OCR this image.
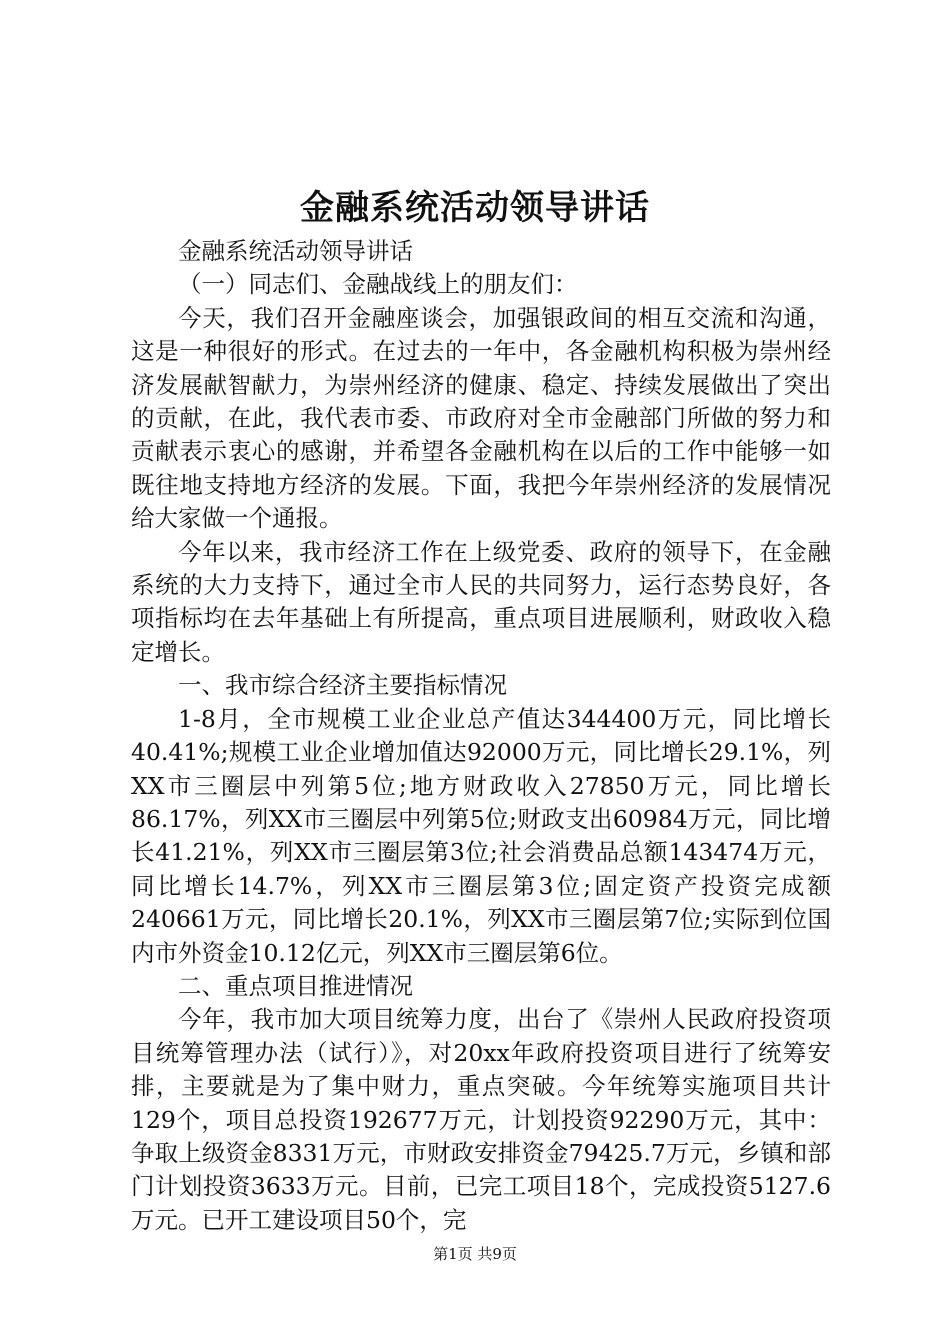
金融系统活动领导讲话

金融系统活动领导讲话

（一）同志们、金融战线上的朋友们：

今天，我们召开金融座谈会，加强银政间的相互交流和沟通，这是一种很好的形式。在过去的一年中，各金融机构积极为崇州经济发展献智献力，为崇州经济的健康、稳定、持续发展做出了突出的贡献，在此，我代表市委、市政府对全市金融部门所做的努力和贡献表示衷心的感谢，并希望各金融机构在以后的工作中能够一如既往地支持地方经济的发展。下面，我把今年崇州经济的发展情况给大家做一个通报。

今年以来，我市经济工作在上级党委、政府的领导下，在金融系统的大力支持下，通过全市人民的共同努力，运行态势良好，各项指标均在去年基础上有所提高，重点项目进展顺利，财政收入稳定增长。

一、我市综合经济主要指标情况

1-8月，全市规模工业企业总产值达344400万元，同比增长40.41%;规模工业企业增加值达92000万元，同比增长29.1%，列XX市三圈层中列第5位;地方财政收入27850万元，同比增长86.17%，列XX市三圈层中列第5位;财政支出60984万元，同比增长41.21%，列XX市三圈层第3位;社会消费品总额143474万元，同比增长14.7%，列XX市三圈层第3位;固定资产投资完成额240661万元，同比增长20.1%，列XX市三圈层第7位;实际到位国内市外资金10.12亿元，列XX市三圈层第6位。

二、重点项目推进情况

今年，我市加大项目统筹力度，出台了《崇州人民政府投资项目统筹管理办法（试行）》，对20xx年政府投资项目进行了统筹安排，主要就是为了集中财力，重点突破。今年统筹实施项目共计129个，项目总投资192677万元，计划投资92290万元，其中：争取上级资金8331万元，市财政安排资金79425.7万元，乡镇和部门计划投资3633万元。目前，已完工项目18个，完成投资5127.6万元。已开工建设项目50个，完

第1页 共9页
